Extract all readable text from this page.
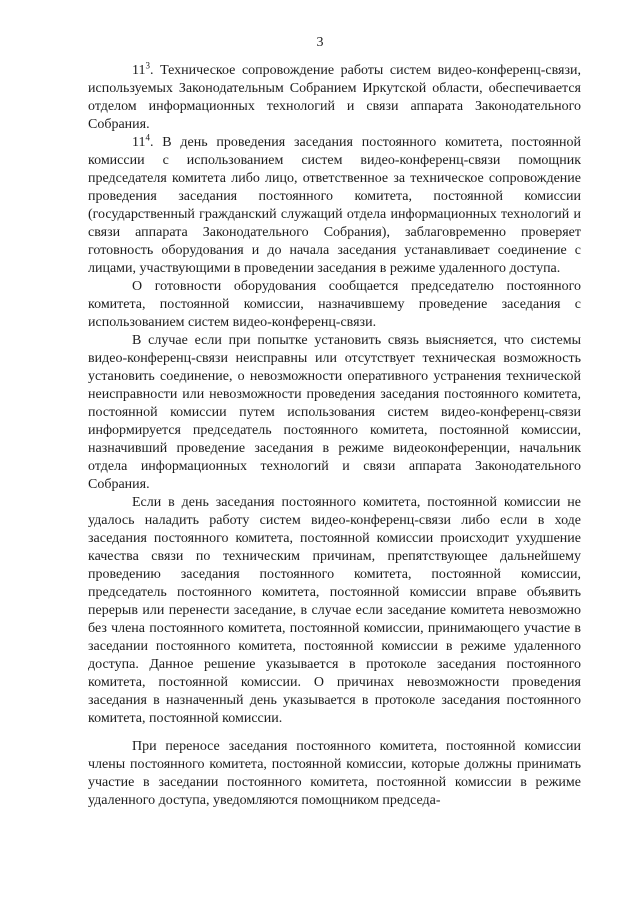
3

$11^3$. Техническое сопровождение работы систем видео-конференц-связи, используемых Законодательным Собранием Иркутской области, обеспечивается отделом информационных технологий и связи аппарата Законодательного Собрания.

$11^4$. В день проведения заседания постоянного комитета, постоянной комиссии с использованием систем видео-конференц-связи помощник председателя комитета либо лицо, ответственное за техническое сопровождение проведения заседания постоянного комитета, постоянной комиссии (государственный гражданский служащий отдела информационных технологий и связи аппарата Законодательного Собрания), заблаговременно проверяет готовность оборудования и до начала заседания устанавливает соединение с лицами, участвующими в проведении заседания в режиме удаленного доступа.

О готовности оборудования сообщается председателю постоянного комитета, постоянной комиссии, назначившему проведение заседания с использованием систем видео-конференц-связи.

В случае если при попытке установить связь выясняется, что системы видео-конференц-связи неисправны или отсутствует техническая возможность установить соединение, о невозможности оперативного устранения технической неисправности или невозможности проведения заседания постоянного комитета, постоянной комиссии путем использования систем видео-конференц-связи информируется председатель постоянного комитета, постоянной комиссии, назначивший проведение заседания в режиме видеоконференции, начальник отдела информационных технологий и связи аппарата Законодательного Собрания.

Если в день заседания постоянного комитета, постоянной комиссии не удалось наладить работу систем видео-конференц-связи либо если в ходе заседания постоянного комитета, постоянной комиссии происходит ухудшение качества связи по техническим причинам, препятствующее дальнейшему проведению заседания постоянного комитета, постоянной комиссии, председатель постоянного комитета, постоянной комиссии вправе объявить перерыв или перенести заседание, в случае если заседание комитета невозможно без члена постоянного комитета, постоянной комиссии, принимающего участие в заседании постоянного комитета, постоянной комиссии в режиме удаленного доступа. Данное решение указывается в протоколе заседания постоянного комитета, постоянной комиссии. О причинах невозможности проведения заседания в назначенный день указывается в протоколе заседания постоянного комитета, постоянной комиссии.

При переносе заседания постоянного комитета, постоянной комиссии члены постоянного комитета, постоянной комиссии, которые должны принимать участие в заседании постоянного комитета, постоянной комиссии в режиме удаленного доступа, уведомляются помощником председа-
